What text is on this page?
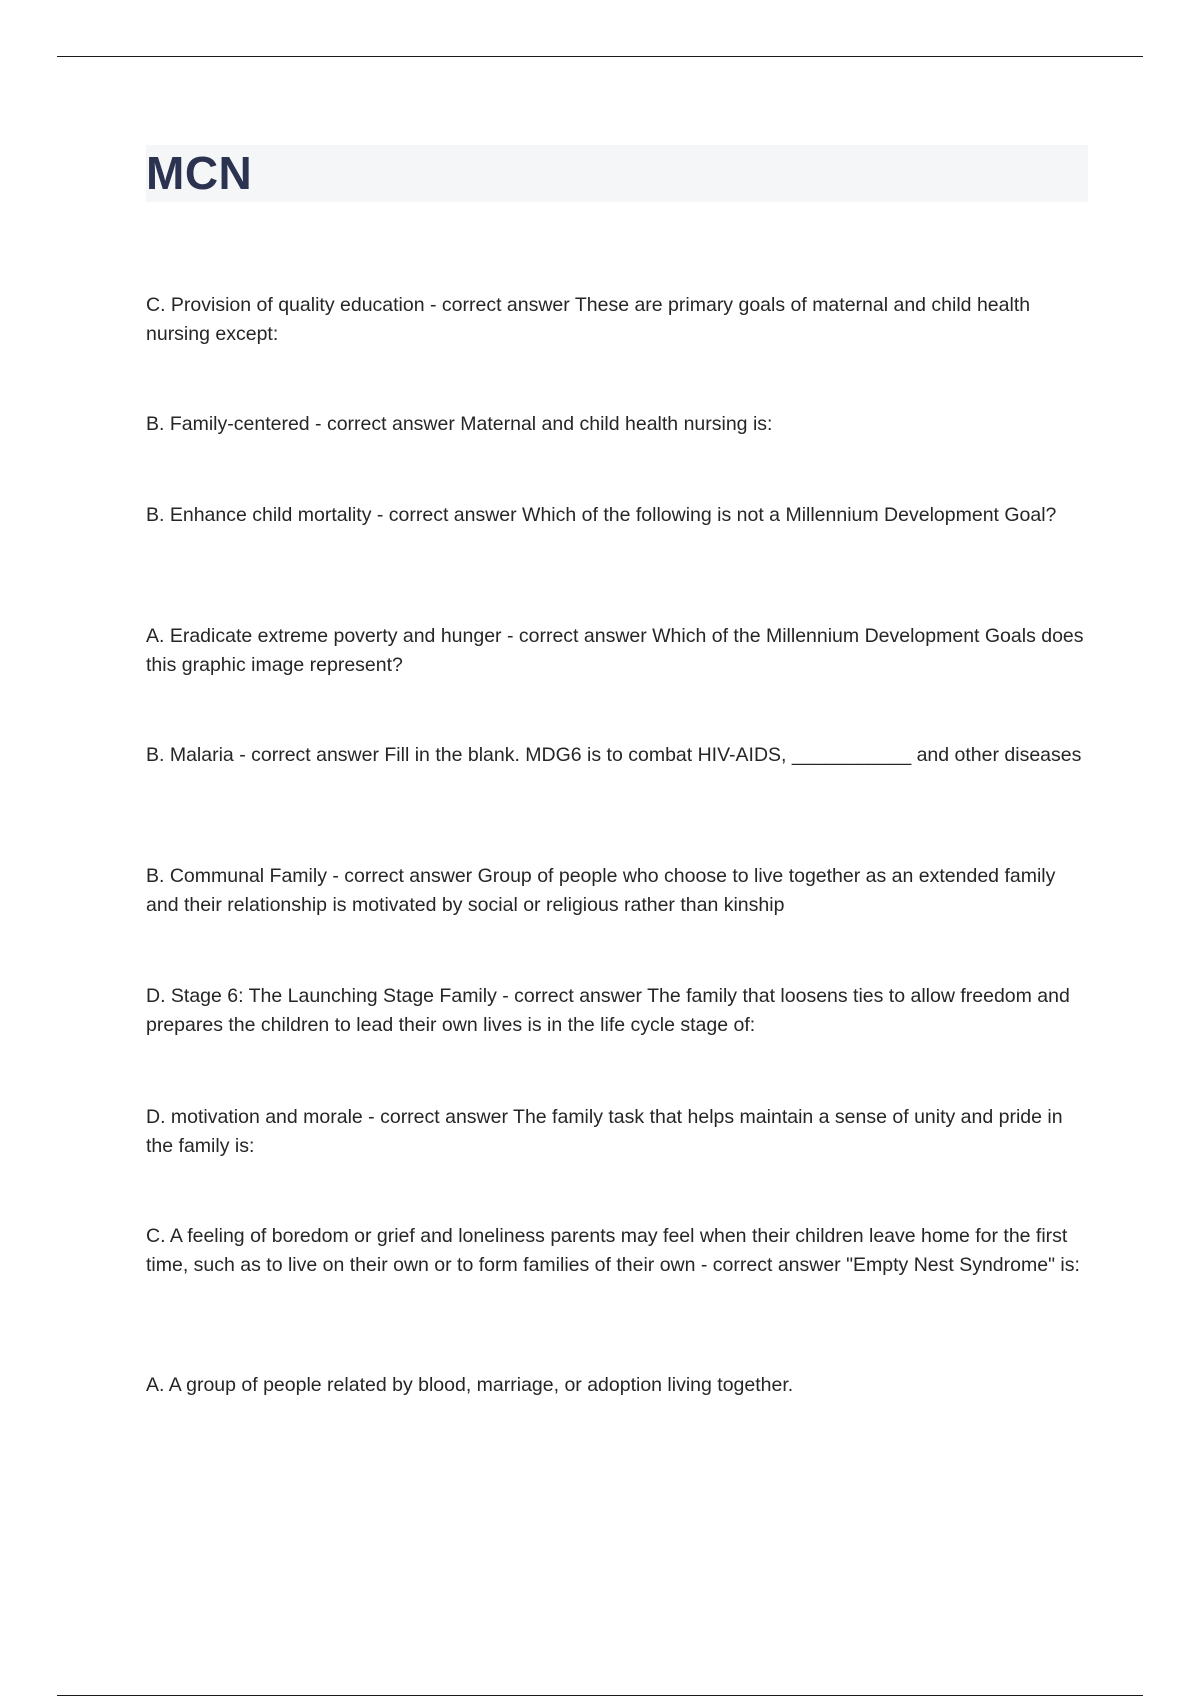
MCN

C. Provision of quality education - correct answer These are primary goals of maternal and child health nursing except:

B. Family-centered - correct answer Maternal and child health nursing is:

B. Enhance child mortality - correct answer Which of the following is not a Millennium Development Goal?

A. Eradicate extreme poverty and hunger - correct answer Which of the Millennium Development Goals does this graphic image represent?

B. Malaria - correct answer Fill in the blank. MDG6 is to combat HIV-AIDS, ___________ and other diseases

B. Communal Family - correct answer Group of people who choose to live together as an extended family and their relationship is motivated by social or religious rather than kinship

D. Stage 6: The Launching Stage Family - correct answer The family that loosens ties to allow freedom and prepares the children to lead their own lives is in the life cycle stage of:

D. motivation and morale - correct answer The family task that helps maintain a sense of unity and pride in the family is:

C. A feeling of boredom or grief and loneliness parents may feel when their children leave home for the first time, such as to live on their own or to form families of their own - correct answer "Empty Nest Syndrome" is:

A. A group of people related by blood, marriage, or adoption living together.
